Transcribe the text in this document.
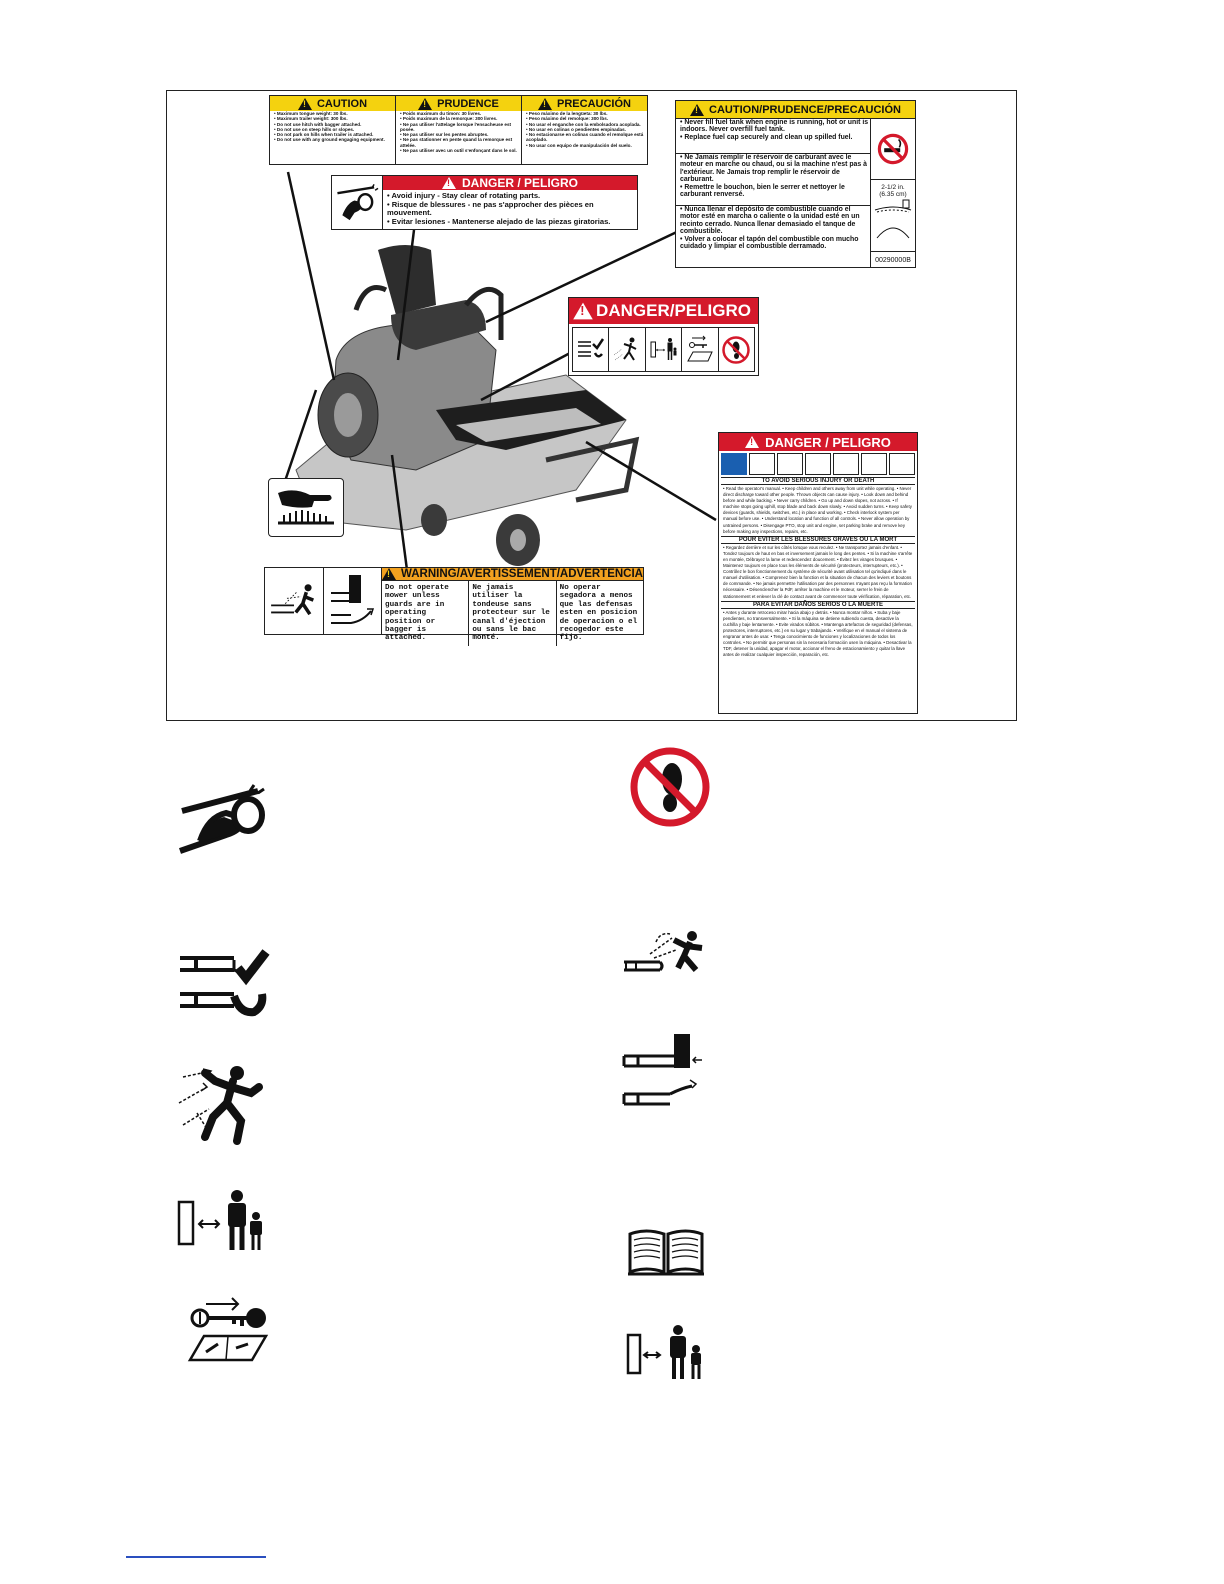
!
CAUTION !	PRUDENCE !	PRECAUCIÓN
• Maximum tongue weight: 30 lbs.
• Maximum trailer weight: 300 lbs.
• Do not use hitch with bagger attached.
• Do not use on steep hills or slopes.
• Do not park on hills when trailer is attached.
• Do not use with any ground engaging equipment.
• Poids maximum du timon: 30 livres.
• Poids maximum de la remorque: 300 livres.
• Ne pas utiliser l'attelage lorsque l'ensacheuse est posée.
• Ne pas utiliser sur les pentes abruptes.
• Ne pas stationner en pente quand la remorque est attelée.
• Ne pas utiliser avec un outil s'enfonçant dans le sol.
• Peso máximo de la lengüeta: 30 lbs.
• Peso máximo del remolque: 300 lbs.
• No usar el enganche con la embolsadora acoplada.
• No usar en colinas o pendientes empinadas.
• No estacionarse en colinas cuando el remolque está acoplado.
• No usar con equipo de manipulación del suelo.
!
DANGER / PELIGRO
• Avoid injury - Stay clear of rotating parts.
• Risque de blessures - ne pas s'approcher des pièces en mouvement.
• Evitar lesiones - Mantenerse alejado de las piezas giratorias.
!
CAUTION/PRUDENCE/PRECAUCIÓN
• Never fill fuel tank when engine is running, hot or unit is indoors. Never overfill fuel tank.
• Replace fuel cap securely and clean up spilled fuel.
• Ne Jamais remplir le réservoir de carburant avec le moteur en marche ou chaud, ou si la machine n'est pas à l'extérieur. Ne Jamais trop remplir le réservoir de carburant.
• Remettre le bouchon, bien le serrer et nettoyer le carburant renversé.
• Nunca llenar el depósito de combustible cuando el motor esté en marcha o caliente o la unidad esté en un recinto cerrado. Nunca llenar demasiado el tanque de combustible.
• Volver a colocar el tapón del combustible con mucho cuidado y limpiar el combustible derramado.
2-1/2 in. (6.35 cm)
00290000B
!
DANGER/PELIGRO
!
WARNING/AVERTISSEMENT/ADVERTENCIA
Do not operate mower unless guards are in operating position or bagger is attached.
Ne jamais utiliser la tondeuse sans protecteur sur le canal d'éjection ou sans le bac monté.
No operar segadora a menos que las defensas esten en posicion de operacion o el recogedor este fijo.
!
DANGER / PELIGRO
TO AVOID SERIOUS INJURY OR DEATH
• Read the operator's manual. • Keep children and others away from unit while operating. • Never direct discharge toward other people. Thrown objects can cause injury. • Look down and behind before and while backing. • Never carry children. • Go up and down slopes, not across. • If machine stops going uphill, stop blade and back down slowly. • Avoid sudden turns. • Keep safety devices (guards, shields, switches, etc.) in place and working. • Check interlock system per manual before use. • Understand location and function of all controls. • Never allow operation by untrained persons. • Disengage PTO, stop unit and engine, set parking brake and remove key before making any inspections, repairs, etc.
POUR EVITER LES BLESSURES GRAVES OU LA MORT
• Regardez derrière et sur les côtés lorsque vous reculez. • Ne transportez jamais d'enfant. • Tondez toujours de haut en bas et inversement jamais le long des pentes. • Si la machine s'arrête en montée, Débrayez la lame et redescendez doucement. • Évitez les virages brusques. • Maintenez toujours en place tous les éléments de sécurité (protecteurs, interrupteurs, etc.). • Contrôlez le bon fonctionnement du système de sécurité avant utilisation tel qu'indiqué dans le manuel d'utilisation. • Comprenez bien la fonction et la situation de chacun des leviers et boutons de commande. • Ne jamais permettre l'utilisation par des personnes n'ayant pas reçu la formation nécessaire. • Désenclencher la PdF, arrêter la machine et le moteur, serrer le frein de stationnement et enlever la clé de contact avant de commencer toute vérification, réparation, etc.
PARA EVITAR DAÑOS SERIOS O LA MUERTE
• Antes y durante retroceso mirar hacia abajo y detrás. • Nunca montar niños. • Suba y baje pendientes, no transversalmente. • Si la máquina se detiene subiendo cuesta, desactive la cuchilla y baje lentamente. • Evite virados súbitos. • Mantenga artefactos de seguridad (defensas, protectores, interruptores, etc.) en su lugar y trabajando. • Verifique en el manual el sistema de engranar antes de usar. • Tenga conocimiento de funciones y localizaciones de todos los controles. • No permitir que personas sin la necesaria formación usen la máquina. • Desactivar la TDF, detener la unidad, apagar el motor, accionar el freno de estacionamiento y quitar la llave antes de realizar cualquier inspección, reparación, etc.
